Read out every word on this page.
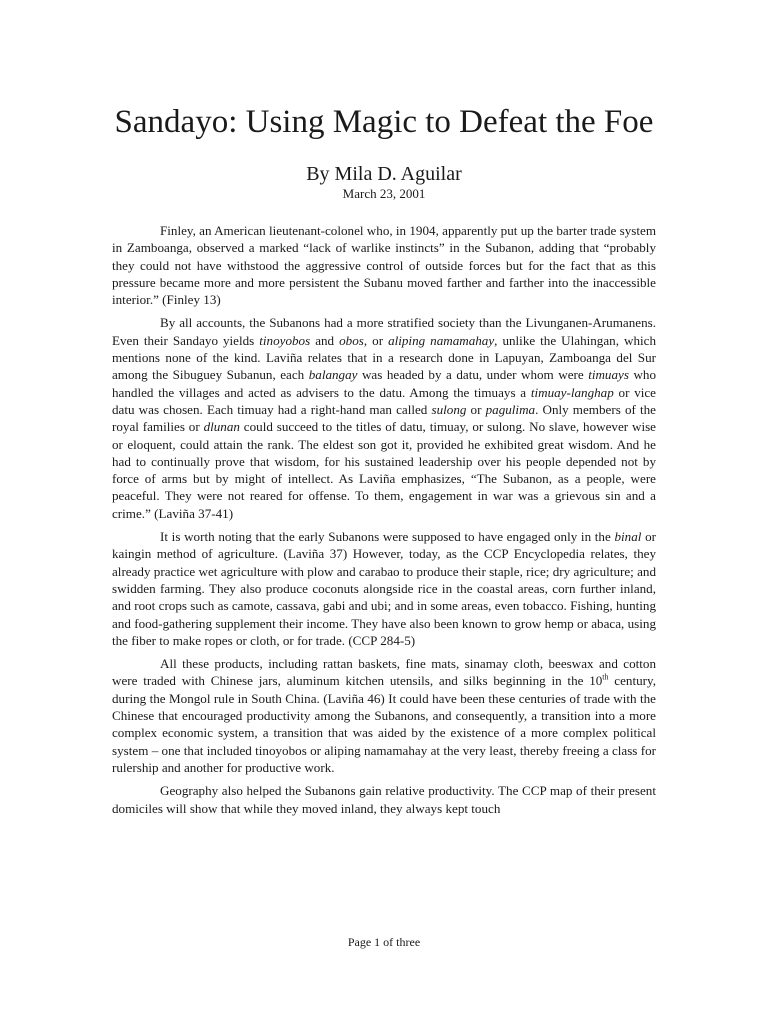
Sandayo: Using Magic to Defeat the Foe
By Mila D. Aguilar
March 23, 2001

Finley, an American lieutenant-colonel who, in 1904, apparently put up the barter trade system in Zamboanga, observed a marked “lack of warlike instincts” in the Subanon, adding that “probably they could not have withstood the aggressive control of outside forces but for the fact that as this pressure became more and more persistent the Subanu moved farther and farther into the inaccessible interior.” (Finley 13)

By all accounts, the Subanons had a more stratified society than the Livunganen-Arumanens. Even their Sandayo yields tinoyobos and obos, or aliping namamahay, unlike the Ulahingan, which mentions none of the kind. Laviña relates that in a research done in Lapuyan, Zamboanga del Sur among the Sibuguey Subanun, each balangay was headed by a datu, under whom were timuays who handled the villages and acted as advisers to the datu. Among the timuays a timuay-langhap or vice datu was chosen. Each timuay had a right-hand man called sulong or pagulima. Only members of the royal families or dlunan could succeed to the titles of datu, timuay, or sulong. No slave, however wise or eloquent, could attain the rank. The eldest son got it, provided he exhibited great wisdom. And he had to continually prove that wisdom, for his sustained leadership over his people depended not by force of arms but by might of intellect. As Laviña emphasizes, “The Subanon, as a people, were peaceful. They were not reared for offense. To them, engagement in war was a grievous sin and a crime.” (Laviña 37-41)

It is worth noting that the early Subanons were supposed to have engaged only in the binal or kaingin method of agriculture. (Laviña 37) However, today, as the CCP Encyclopedia relates, they already practice wet agriculture with plow and carabao to produce their staple, rice; dry agriculture; and swidden farming. They also produce coconuts alongside rice in the coastal areas, corn further inland, and root crops such as camote, cassava, gabi and ubi; and in some areas, even tobacco. Fishing, hunting and food-gathering supplement their income. They have also been known to grow hemp or abaca, using the fiber to make ropes or cloth, or for trade. (CCP 284-5)

All these products, including rattan baskets, fine mats, sinamay cloth, beeswax and cotton were traded with Chinese jars, aluminum kitchen utensils, and silks beginning in the 10th century, during the Mongol rule in South China. (Laviña 46) It could have been these centuries of trade with the Chinese that encouraged productivity among the Subanons, and consequently, a transition into a more complex economic system, a transition that was aided by the existence of a more complex political system – one that included tinoyobos or aliping namamahay at the very least, thereby freeing a class for rulership and another for productive work.

Geography also helped the Subanons gain relative productivity. The CCP map of their present domiciles will show that while they moved inland, they always kept touch

Page 1 of three
